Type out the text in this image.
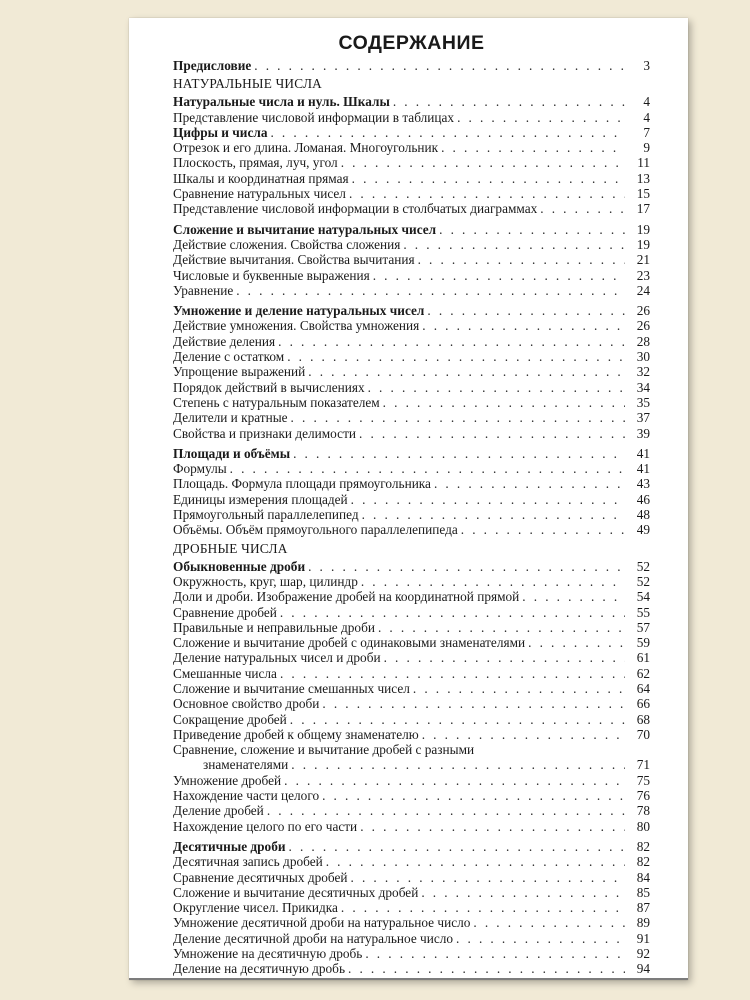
СОДЕРЖАНИЕ
Предисловие . . .	3
НАТУРАЛЬНЫЕ ЧИСЛА
Натуральные числа и нуль. Шкалы . . .	4
Представление числовой информации в таблицах . . .	4
Цифры и числа . . .	7
Отрезок и его длина. Ломаная. Многоугольник . . .	9
Плоскость, прямая, луч, угол . . .	11
Шкалы и координатная прямая . . .	13
Сравнение натуральных чисел . . .	15
Представление числовой информации в столбчатых диаграммах . . .	17
Сложение и вычитание натуральных чисел . . .	19
Действие сложения. Свойства сложения . . .	19
Действие вычитания. Свойства вычитания . . .	21
Числовые и буквенные выражения . . .	23
Уравнение . . .	24
Умножение и деление натуральных чисел . . .	26
Действие умножения. Свойства умножения . . .	26
Действие деления . . .	28
Деление с остатком . . .	30
Упрощение выражений . . .	32
Порядок действий в вычислениях . . .	34
Степень с натуральным показателем . . .	35
Делители и кратные . . .	37
Свойства и признаки делимости . . .	39
Площади и объёмы . . .	41
Формулы . . .	41
Площадь. Формула площади прямоугольника . . .	43
Единицы измерения площадей . . .	46
Прямоугольный параллелепипед . . .	48
Объёмы. Объём прямоугольного параллелепипеда . . .	49
ДРОБНЫЕ ЧИСЛА
Обыкновенные дроби . . .	52
Окружность, круг, шар, цилиндр . . .	52
Доли и дроби. Изображение дробей на координатной прямой . . .	54
Сравнение дробей . . .	55
Правильные и неправильные дроби . . .	57
Сложение и вычитание дробей с одинаковыми знаменателями . . .	59
Деление натуральных чисел и дроби . . .	61
Смешанные числа . . .	62
Сложение и вычитание смешанных чисел . . .	64
Основное свойство дроби . . .	66
Сокращение дробей . . .	68
Приведение дробей к общему знаменателю . . .	70
Сравнение, сложение и вычитание дробей с разными
знаменателями . . .	71
Умножение дробей . . .	75
Нахождение части целого . . .	76
Деление дробей . . .	78
Нахождение целого по его части . . .	80
Десятичные дроби . . .	82
Десятичная запись дробей . . .	82
Сравнение десятичных дробей . . .	84
Сложение и вычитание десятичных дробей . . .	85
Округление чисел. Прикидка . . .	87
Умножение десятичной дроби на натуральное число . . .	89
Деление десятичной дроби на натуральное число . . .	91
Умножение на десятичную дробь . . .	92
Деление на десятичную дробь . . .	94
